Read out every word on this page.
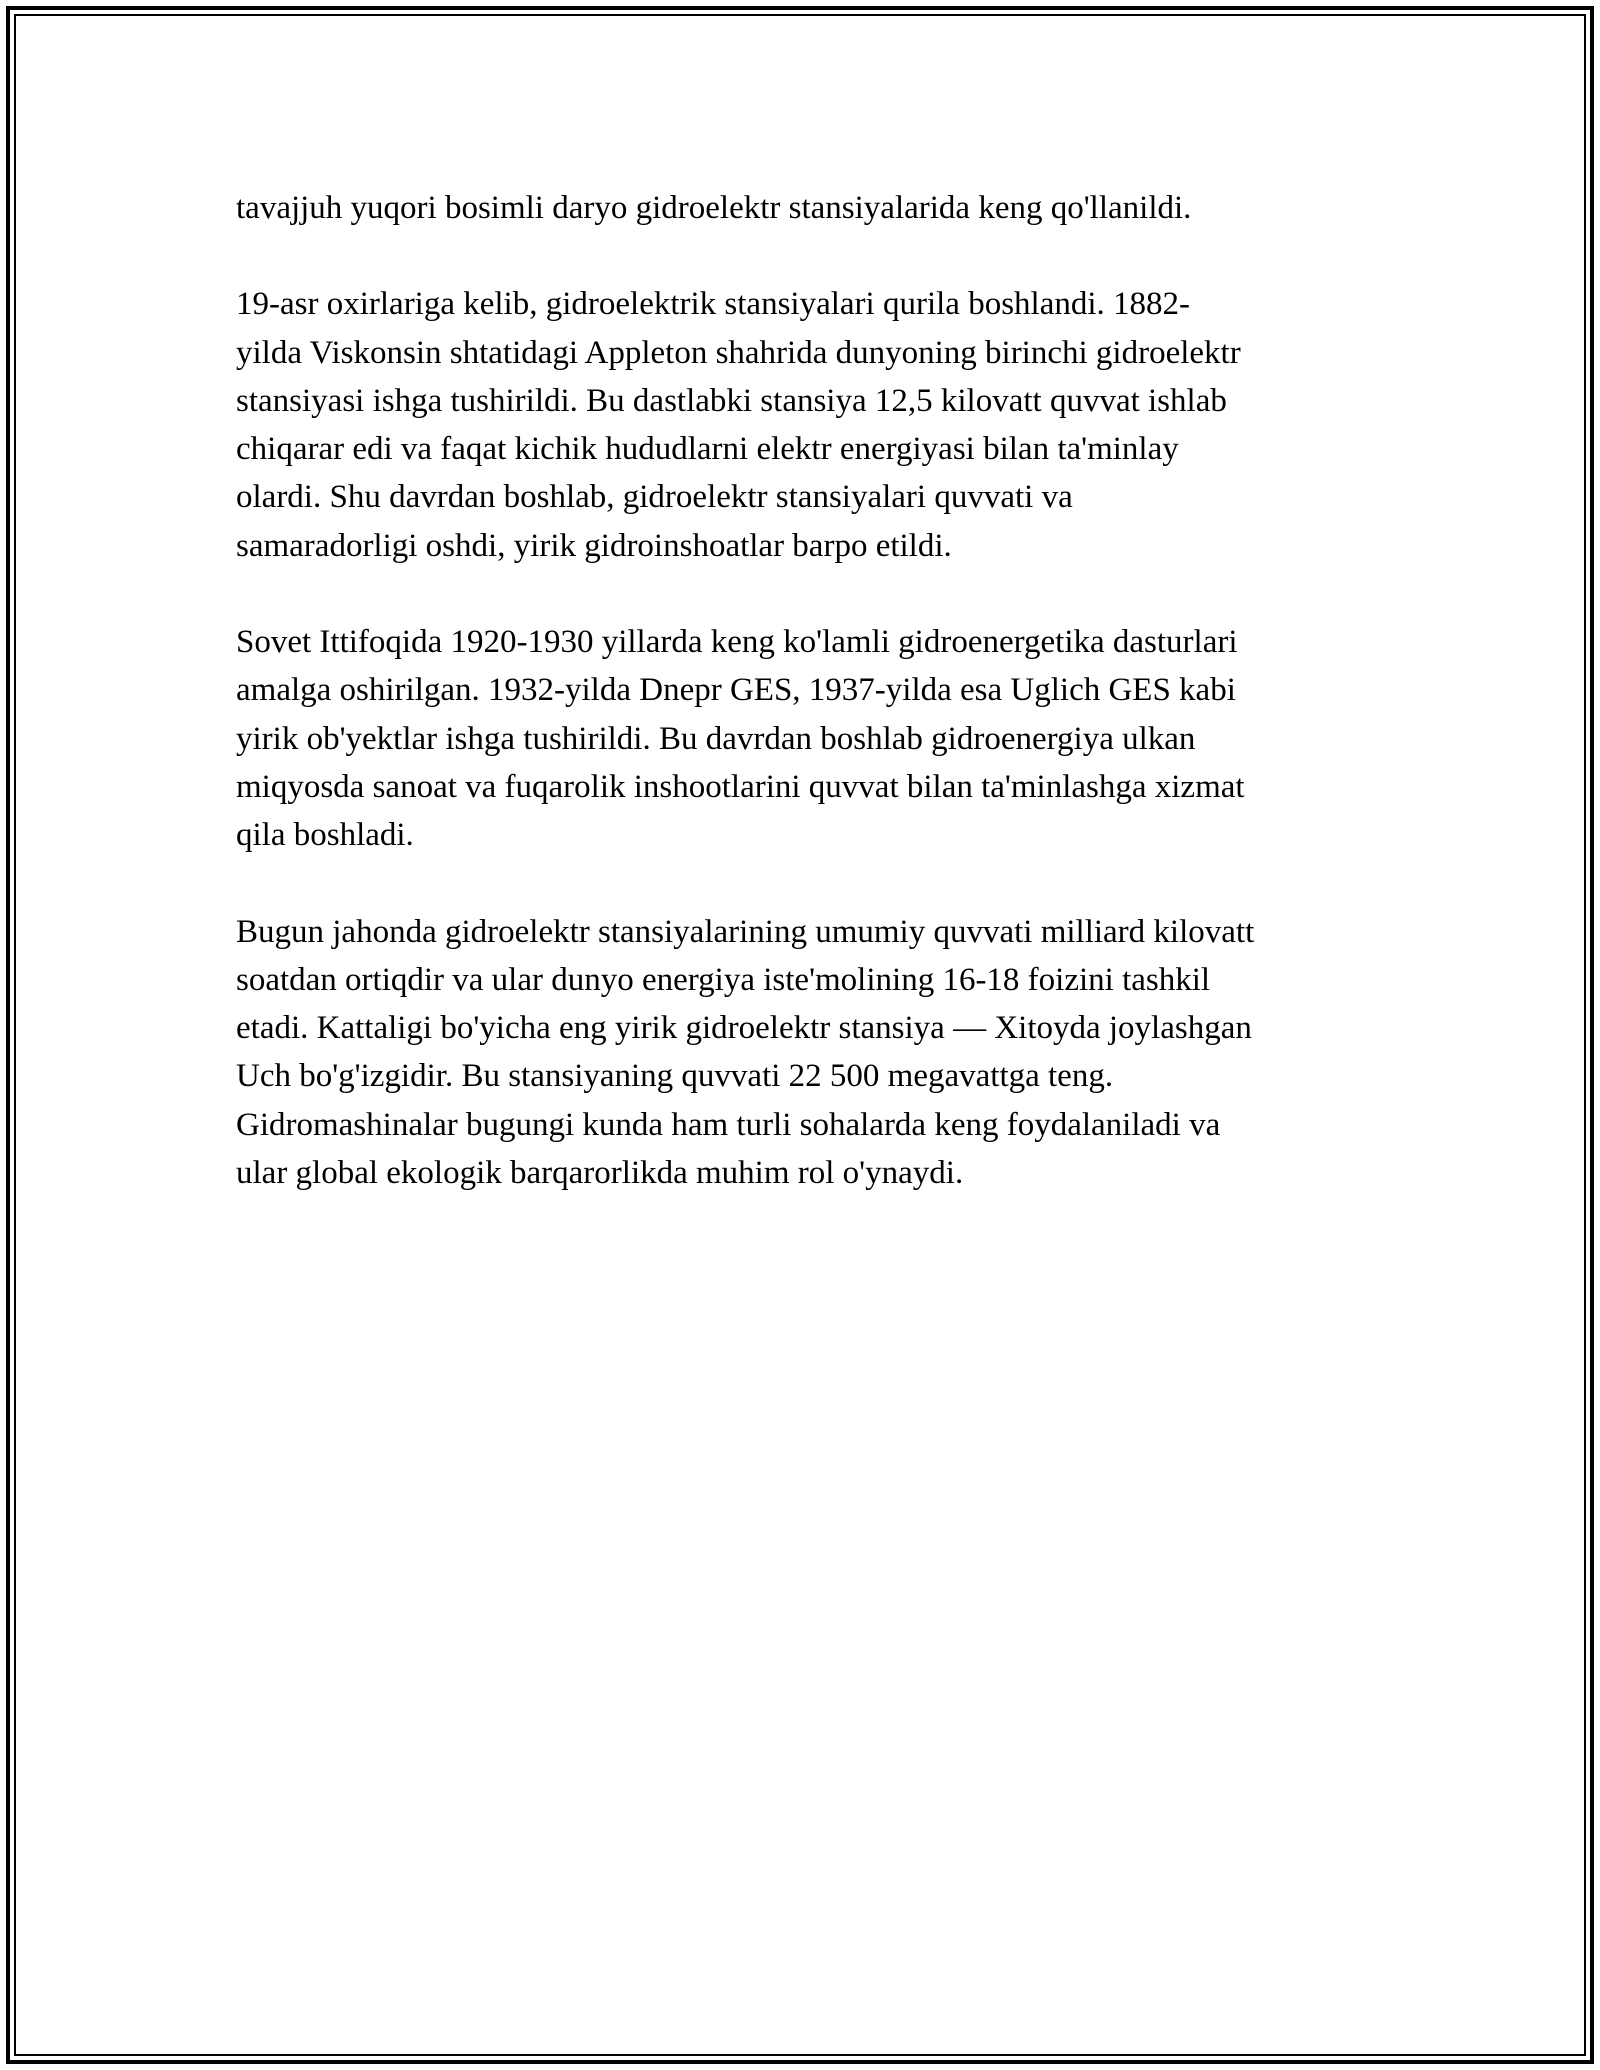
tavajjuh yuqori bosimli daryo gidroelektr stansiyalarida keng qo'llanildi.

19-asr oxirlariga kelib, gidroelektrik stansiyalari qurila boshlandi. 1882-
yilda Viskonsin shtatidagi Appleton shahrida dunyoning birinchi gidroelektr
stansiyasi ishga tushirildi. Bu dastlabki stansiya 12,5 kilovatt quvvat ishlab
chiqarar edi va faqat kichik hududlarni elektr energiyasi bilan ta'minlay
olardi. Shu davrdan boshlab, gidroelektr stansiyalari quvvati va
samaradorligi oshdi, yirik gidroinshoatlar barpo etildi.

Sovet Ittifoqida 1920-1930 yillarda keng ko'lamli gidroenergetika dasturlari
amalga oshirilgan. 1932-yilda Dnepr GES, 1937-yilda esa Uglich GES kabi
yirik ob'yektlar ishga tushirildi. Bu davrdan boshlab gidroenergiya ulkan
miqyosda sanoat va fuqarolik inshootlarini quvvat bilan ta'minlashga xizmat
qila boshladi.

Bugun jahonda gidroelektr stansiyalarining umumiy quvvati milliard kilovatt
soatdan ortiqdir va ular dunyo energiya iste'molining 16-18 foizini tashkil
etadi. Kattaligi bo'yicha eng yirik gidroelektr stansiya — Xitoyda joylashgan
Uch bo'g'izgidir. Bu stansiyaning quvvati 22 500 megavattga teng.
Gidromashinalar bugungi kunda ham turli sohalarda keng foydalaniladi va
ular global ekologik barqarorlikda muhim rol o'ynaydi.
